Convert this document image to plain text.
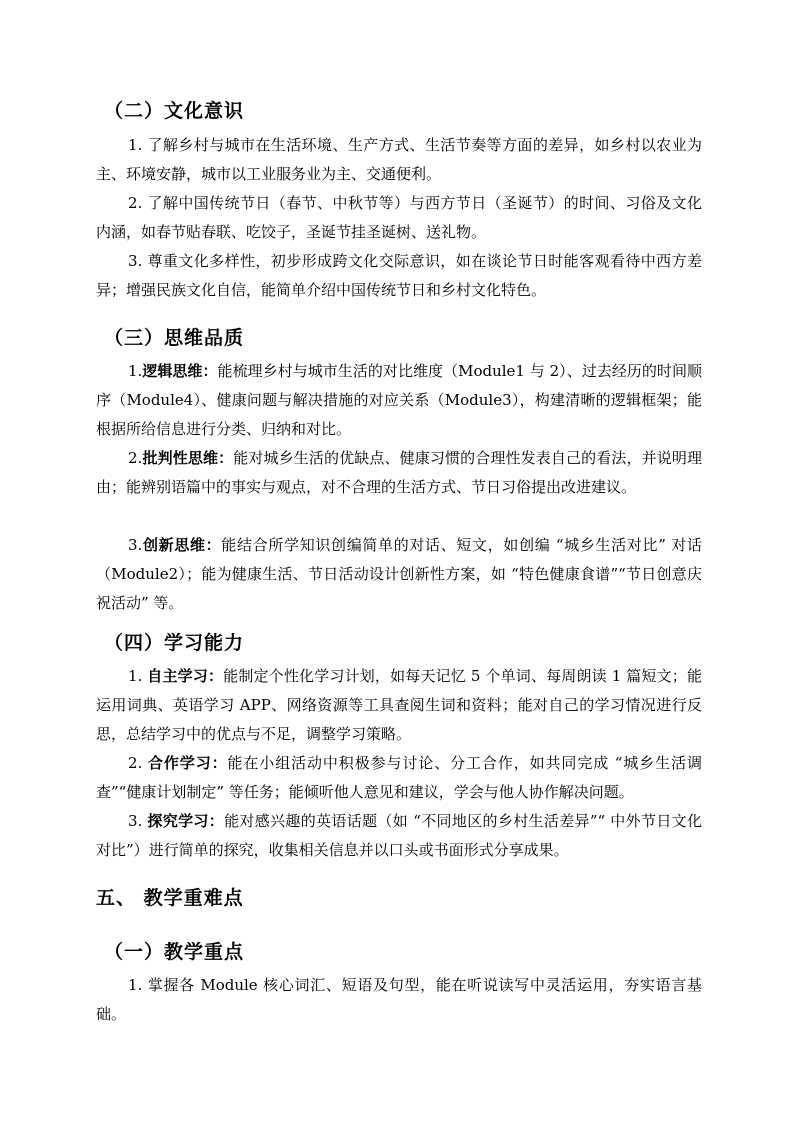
（二）文化意识

1. 了解乡村与城市在生活环境、生产方式、生活节奏等方面的差异，如乡村以农业为主、环境安静，城市以工业服务业为主、交通便利。

2. 了解中国传统节日（春节、中秋节等）与西方节日（圣诞节）的时间、习俗及文化内涵，如春节贴春联、吃饺子，圣诞节挂圣诞树、送礼物。

3. 尊重文化多样性，初步形成跨文化交际意识，如在谈论节日时能客观看待中西方差异；增强民族文化自信，能简单介绍中国传统节日和乡村文化特色。

（三）思维品质

1.逻辑思维：能梳理乡村与城市生活的对比维度（Module1 与 2）、过去经历的时间顺序（Module4）、健康问题与解决措施的对应关系（Module3），构建清晰的逻辑框架；能根据所给信息进行分类、归纳和对比。

2.批判性思维：能对城乡生活的优缺点、健康习惯的合理性发表自己的看法，并说明理由；能辨别语篇中的事实与观点，对不合理的生活方式、节日习俗提出改进建议。

3.创新思维：能结合所学知识创编简单的对话、短文，如创编 “城乡生活对比” 对话（Module2）；能为健康生活、节日活动设计创新性方案，如 “特色健康食谱”“节日创意庆祝活动” 等。

（四）学习能力

1. 自主学习：能制定个性化学习计划，如每天记忆 5 个单词、每周朗读 1 篇短文；能运用词典、英语学习 APP、网络资源等工具查阅生词和资料；能对自己的学习情况进行反思，总结学习中的优点与不足，调整学习策略。

2. 合作学习：能在小组活动中积极参与讨论、分工合作，如共同完成 “城乡生活调查”“健康计划制定” 等任务；能倾听他人意见和建议，学会与他人协作解决问题。

3. 探究学习：能对感兴趣的英语话题（如 “不同地区的乡村生活差异”“ 中外节日文化对比”）进行简单的探究，收集相关信息并以口头或书面形式分享成果。

五、 教学重难点
（一）教学重点

1. 掌握各 Module 核心词汇、短语及句型，能在听说读写中灵活运用，夯实语言基础。
